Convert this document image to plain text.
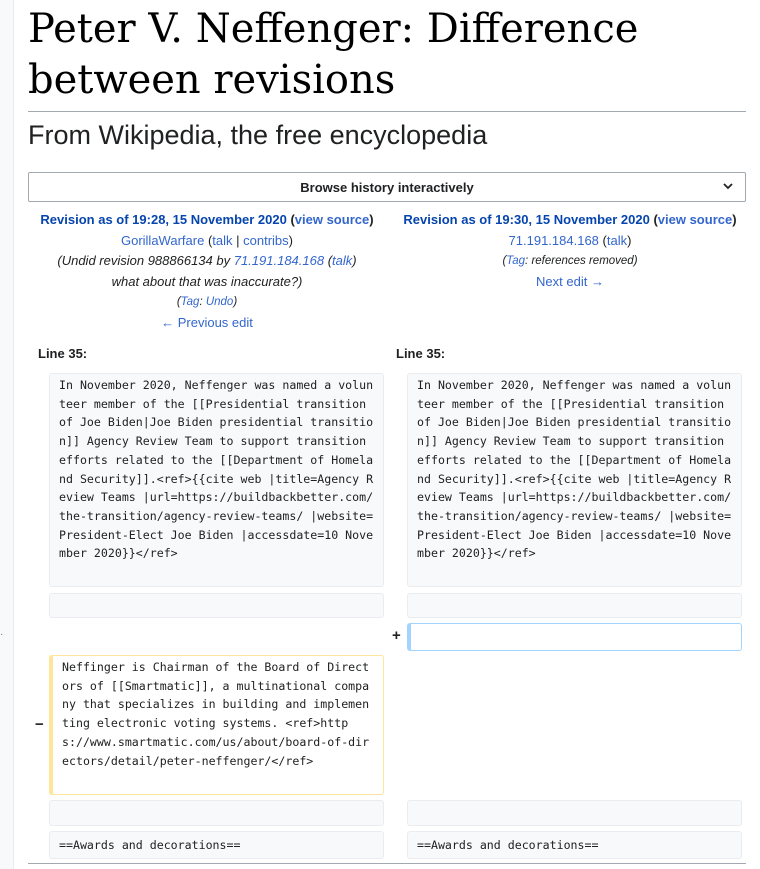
Peter V. Neffenger: Difference between revisions
From Wikipedia, the free encyclopedia
Browse history interactively
Revision as of 19:28, 15 November 2020 (view source)
GorillaWarfare (talk | contribs)
(Undid revision 988866134 by 71.191.184.168 (talk) what about that was inaccurate?)
(Tag: Undo)
← Previous edit
Revision as of 19:30, 15 November 2020 (view source)
71.191.184.168 (talk)
(Tag: references removed)
Next edit →
Line 35:	Line 35:
In November 2020, Neffenger was named a volunteer member of the [[Presidential transition of Joe Biden|Joe Biden presidential transition]] Agency Review Team to support transition efforts related to the [[Department of Homeland Security]].<ref>{{cite web |title=Agency Review Teams |url=https://buildbackbetter.com/the-transition/agency-review-teams/ |website=President-Elect Joe Biden |accessdate=10 November 2020}}</ref>
In November 2020, Neffenger was named a volunteer member of the [[Presidential transition of Joe Biden|Joe Biden presidential transition]] Agency Review Team to support transition efforts related to the [[Department of Homeland Security]].<ref>{{cite web |title=Agency Review Teams |url=https://buildbackbetter.com/the-transition/agency-review-teams/ |website=President-Elect Joe Biden |accessdate=10 November 2020}}</ref>
+
·
−
Neffinger is Chairman of the Board of Directors of [[Smartmatic]], a multinational company that specializes in building and implementing electronic voting systems. <ref>https://www.smartmatic.com/us/about/board-of-directors/detail/peter-neffenger/</ref>
==Awards and decorations==	==Awards and decorations==
